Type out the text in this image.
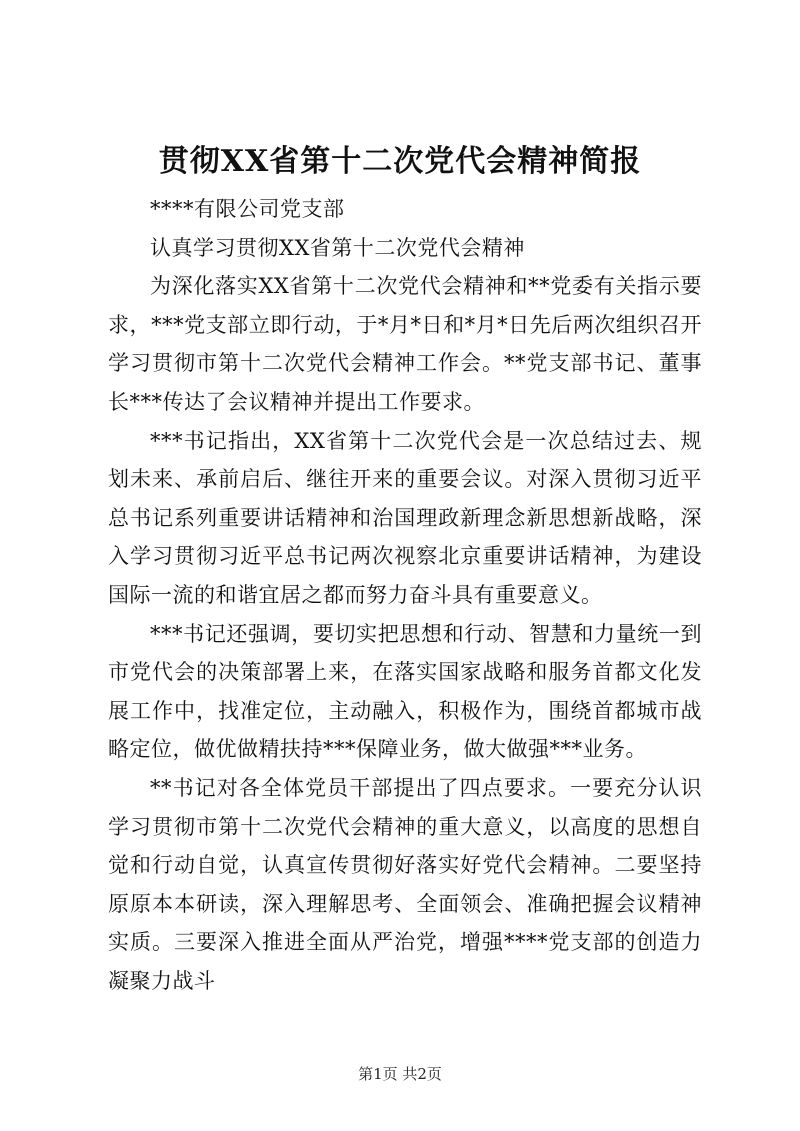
贯彻XX省第十二次党代会精神简报

****有限公司党支部

认真学习贯彻XX省第十二次党代会精神

为深化落实XX省第十二次党代会精神和**党委有关指示要求，***党支部立即行动，于*月*日和*月*日先后两次组织召开学习贯彻市第十二次党代会精神工作会。**党支部书记、董事长***传达了会议精神并提出工作要求。

***书记指出，XX省第十二次党代会是一次总结过去、规划未来、承前启后、继往开来的重要会议。对深入贯彻习近平总书记系列重要讲话精神和治国理政新理念新思想新战略，深入学习贯彻习近平总书记两次视察北京重要讲话精神，为建设国际一流的和谐宜居之都而努力奋斗具有重要意义。

***书记还强调，要切实把思想和行动、智慧和力量统一到市党代会的决策部署上来，在落实国家战略和服务首都文化发展工作中，找准定位，主动融入，积极作为，围绕首都城市战略定位，做优做精扶持***保障业务，做大做强***业务。

**书记对各全体党员干部提出了四点要求。一要充分认识学习贯彻市第十二次党代会精神的重大意义，以高度的思想自觉和行动自觉，认真宣传贯彻好落实好党代会精神。二要坚持原原本本研读，深入理解思考、全面领会、准确把握会议精神实质。三要深入推进全面从严治党，增强****党支部的创造力凝聚力战斗

第1页 共2页
